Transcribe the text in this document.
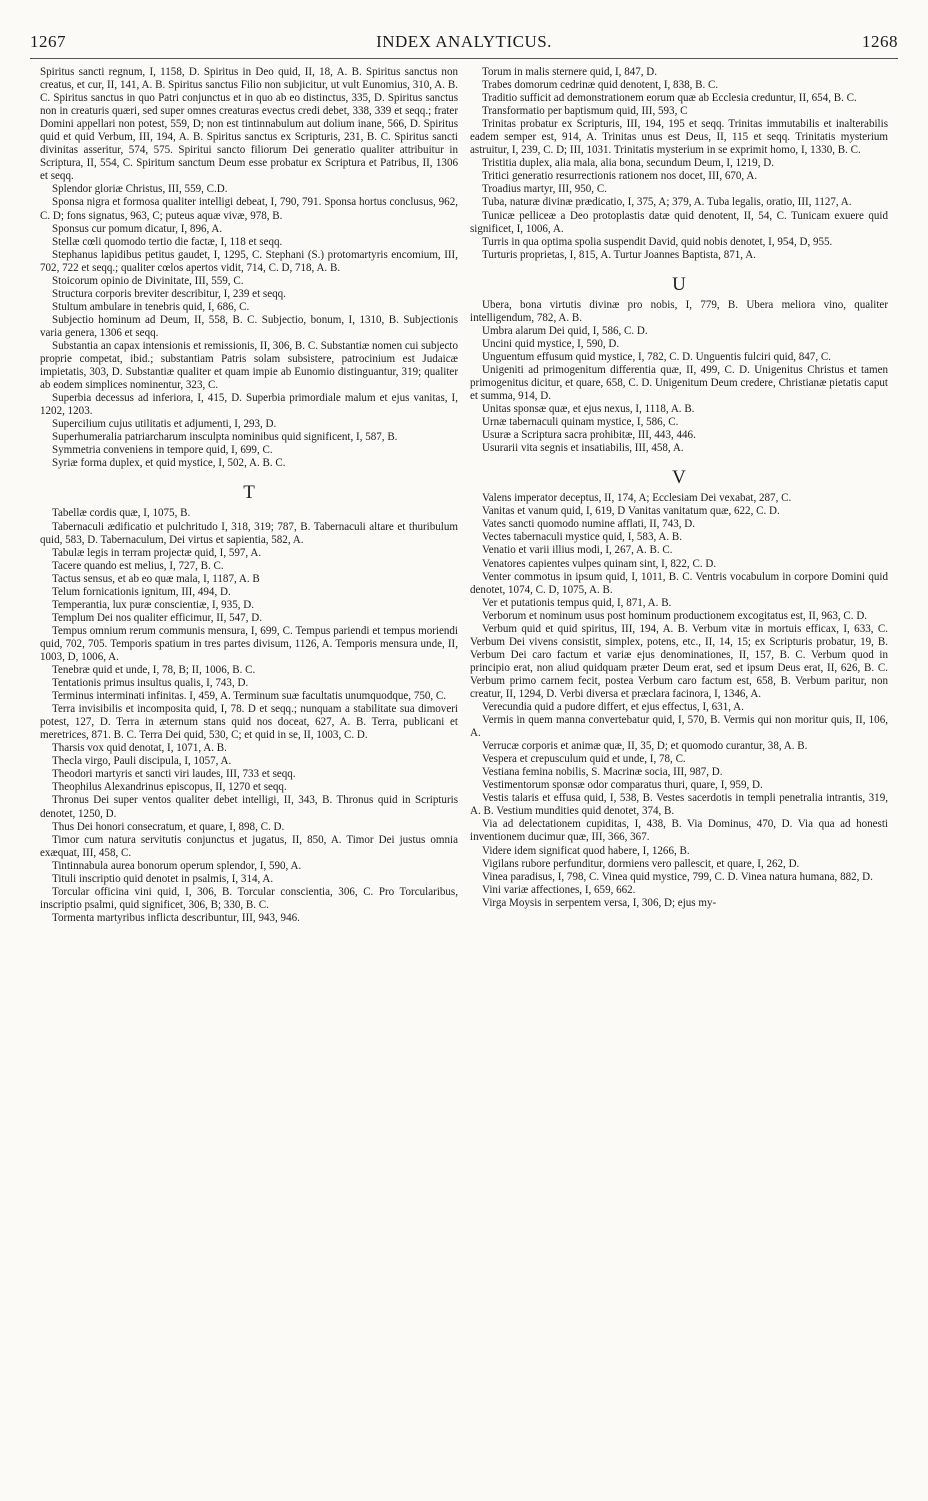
1267	INDEX ANALYTICUS.	1268

Spiritus sancti regnum, I, 1158, D. Spiritus in Deo quid, II, 18, A. B. Spiritus sanctus non creatus, et cur, II, 141, A. B. Spiritus sanctus Filio non subjicitur, ut vult Eunomius, 310, A. B. C. Spiritus sanctus in quo Patri conjunctus et in quo ab eo distinctus, 335, D. Spiritus sanctus non in creaturis quæri, sed super omnes creaturas evectus credi debet, 338, 339 et seqq.; frater Domini appellari non potest, 559, D; non est tintinnabulum aut dolium inane, 566, D. Spiritus quid et quid Verbum, III, 194, A. B. Spiritus sanctus ex Scripturis, 231, B. C. Spiritus sancti divinitas asseritur, 574, 575. Spiritui sancto filiorum Dei generatio qualiter attribuitur in Scriptura, II, 554, C. Spiritum sanctum Deum esse probatur ex Scriptura et Patribus, II, 1306 et seqq.

Splendor gloriæ Christus, III, 559, C.D.

Sponsa nigra et formosa qualiter intelligi debeat, I, 790, 791. Sponsa hortus conclusus, 962, C. D; fons signatus, 963, C; puteus aquæ vivæ, 978, B.

Sponsus cur pomum dicatur, I, 896, A.

Stellæ cœli quomodo tertio die factæ, I, 118 et seqq.

Stephanus lapidibus petitus gaudet, I, 1295, C. Stephani (S.) protomartyris encomium, III, 702, 722 et seqq.; qualiter cœlos apertos vidit, 714, C. D, 718, A. B.

Stoicorum opinio de Divinitate, III, 559, C.

Structura corporis breviter describitur, I, 239 et seqq.

Stultum ambulare in tenebris quid, I, 686, C.

Subjectio hominum ad Deum, II, 558, B. C. Subjectio, bonum, I, 1310, B. Subjectionis varia genera, 1306 et seqq.

Substantia an capax intensionis et remissionis, II, 306, B. C. Substantiæ nomen cui subjecto proprie competat, ibid.; substantiam Patris solam subsistere, patrocinium est Judaicæ impietatis, 303, D. Substantiæ qualiter et quam impie ab Eunomio distinguantur, 319; qualiter ab eodem simplices nominentur, 323, C.

Superbia decessus ad inferiora, I, 415, D. Superbia primordiale malum et ejus vanitas, I, 1202, 1203.

Supercilium cujus utilitatis et adjumenti, I, 293, D.

Superhumeralia patriarcharum insculpta nominibus quid significent, I, 587, B.

Symmetria conveniens in tempore quid, I, 699, C.

Syriæ forma duplex, et quid mystice, I, 502, A. B. C.

T

Tabellæ cordis quæ, I, 1075, B.

Tabernaculi ædificatio et pulchritudo I, 318, 319; 787, B. Tabernaculi altare et thuribulum quid, 583, D. Tabernaculum, Dei virtus et sapientia, 582, A.

Tabulæ legis in terram projectæ quid, I, 597, A.

Tacere quando est melius, I, 727, B. C.

Tactus sensus, et ab eo quæ mala, I, 1187, A. B

Telum fornicationis ignitum, III, 494, D.

Temperantia, lux puræ conscientiæ, I, 935, D.

Templum Dei nos qualiter efficimur, II, 547, D.

Tempus omnium rerum communis mensura, I, 699, C. Tempus pariendi et tempus moriendi quid, 702, 705. Temporis spatium in tres partes divisum, 1126, A. Temporis mensura unde, II, 1003, D, 1006, A.

Tenebræ quid et unde, I, 78, B; II, 1006, B. C.

Tentationis primus insultus qualis, I, 743, D.

Terminus interminati infinitas. I, 459, A. Terminum suæ facultatis unumquodque, 750, C.

Terra invisibilis et incomposita quid, I, 78. D et seqq.; nunquam a stabilitate sua dimoveri potest, 127, D. Terra in æternum stans quid nos doceat, 627, A. B. Terra, publicani et meretrices, 871. B. C. Terra Dei quid, 530, C; et quid in se, II, 1003, C. D.

Tharsis vox quid denotat, I, 1071, A. B.

Thecla virgo, Pauli discipula, I, 1057, A.

Theodori martyris et sancti viri laudes, III, 733 et seqq.

Theophilus Alexandrinus episcopus, II, 1270 et seqq.

Thronus Dei super ventos qualiter debet intelligi, II, 343, B. Thronus quid in Scripturis denotet, 1250, D.

Thus Dei honori consecratum, et quare, I, 898, C. D.

Timor cum natura servitutis conjunctus et jugatus, II, 850, A. Timor Dei justus omnia exæquat, III, 458, C.

Tintinnabula aurea bonorum operum splendor, I, 590, A.

Tituli inscriptio quid denotet in psalmis, I, 314, A.

Torcular officina vini quid, I, 306, B. Torcular conscientia, 306, C. Pro Torcularibus, inscriptio psalmi, quid significet, 306, B; 330, B. C.

Tormenta martyribus inflicta describuntur, III, 943, 946.

Torum in malis sternere quid, I, 847, D.

Trabes domorum cedrinæ quid denotent, I, 838, B. C.

Traditio sufficit ad demonstrationem eorum quæ ab Ecclesia creduntur, II, 654, B. C.

Transformatio per baptismum quid, III, 593, C

Trinitas probatur ex Scripturis, III, 194, 195 et seqq. Trinitas immutabilis et inalterabilis eadem semper est, 914, A. Trinitas unus est Deus, II, 115 et seqq. Trinitatis mysterium astruitur, I, 239, C. D; III, 1031. Trinitatis mysterium in se exprimit homo, I, 1330, B. C.

Tristitia duplex, alia mala, alia bona, secundum Deum, I, 1219, D.

Tritici generatio resurrectionis rationem nos docet, III, 670, A.

Troadius martyr, III, 950, C.

Tuba, naturæ divinæ prædicatio, I, 375, A; 379, A. Tuba legalis, oratio, III, 1127, A.

Tunicæ pelliceæ a Deo protoplastis datæ quid denotent, II, 54, C. Tunicam exuere quid significet, I, 1006, A.

Turris in qua optima spolia suspendit David, quid nobis denotet, I, 954, D, 955.

Turturis proprietas, I, 815, A. Turtur Joannes Baptista, 871, A.

U

Ubera, bona virtutis divinæ pro nobis, I, 779, B. Ubera meliora vino, qualiter intelligendum, 782, A. B.

Umbra alarum Dei quid, I, 586, C. D.

Uncini quid mystice, I, 590, D.

Unguentum effusum quid mystice, I, 782, C. D. Unguentis fulciri quid, 847, C.

Unigeniti ad primogenitum differentia quæ, II, 499, C. D. Unigenitus Christus et tamen primogenitus dicitur, et quare, 658, C. D. Unigenitum Deum credere, Christianæ pietatis caput et summa, 914, D.

Unitas sponsæ quæ, et ejus nexus, I, 1118, A. B.

Urnæ tabernaculi quinam mystice, I, 586, C.

Usuræ a Scriptura sacra prohibitæ, III, 443, 446.

Usurarii vita segnis et insatiabilis, III, 458, A.

V

Valens imperator deceptus, II, 174, A; Ecclesiam Dei vexabat, 287, C.

Vanitas et vanum quid, I, 619, D Vanitas vanitatum quæ, 622, C. D.

Vates sancti quomodo numine afflati, II, 743, D.

Vectes tabernaculi mystice quid, I, 583, A. B.

Venatio et varii illius modi, I, 267, A. B. C.

Venatores capientes vulpes quinam sint, I, 822, C. D.

Venter commotus in ipsum quid, I, 1011, B. C. Ventris vocabulum in corpore Domini quid denotet, 1074, C. D, 1075, A. B.

Ver et putationis tempus quid, I, 871, A. B.

Verborum et nominum usus post hominum productionem excogitatus est, II, 963, C. D.

Verbum quid et quid spiritus, III, 194, A. B. Verbum vitæ in mortuis efficax, I, 633, C. Verbum Dei vivens consistit, simplex, potens, etc., II, 14, 15; ex Scripturis probatur, 19, B. Verbum Dei caro factum et variæ ejus denominationes, II, 157, B. C. Verbum quod in principio erat, non aliud quidquam præter Deum erat, sed et ipsum Deus erat, II, 626, B. C. Verbum primo carnem fecit, postea Verbum caro factum est, 658, B. Verbum paritur, non creatur, II, 1294, D. Verbi diversa et præclara facinora, I, 1346, A.

Verecundia quid a pudore differt, et ejus effectus, I, 631, A.

Vermis in quem manna convertebatur quid, I, 570, B. Vermis qui non moritur quis, II, 106, A.

Verrucæ corporis et animæ quæ, II, 35, D; et quomodo curantur, 38, A. B.

Vespera et crepusculum quid et unde, I, 78, C.

Vestiana femina nobilis, S. Macrinæ socia, III, 987, D.

Vestimentorum sponsæ odor comparatus thuri, quare, I, 959, D.

Vestis talaris et effusa quid, I, 538, B. Vestes sacerdotis in templi penetralia intrantis, 319, A. B. Vestium mundities quid denotet, 374, B.

Via ad delectationem cupiditas, I, 438, B. Via Dominus, 470, D. Via qua ad honesti inventionem ducimur quæ, III, 366, 367.

Videre idem significat quod habere, I, 1266, B.

Vigilans rubore perfunditur, dormiens vero pallescit, et quare, I, 262, D.

Vinea paradisus, I, 798, C. Vinea quid mystice, 799, C. D. Vinea natura humana, 882, D.

Vini variæ affectiones, I, 659, 662.

Virga Moysis in serpentem versa, I, 306, D; ejus my-
